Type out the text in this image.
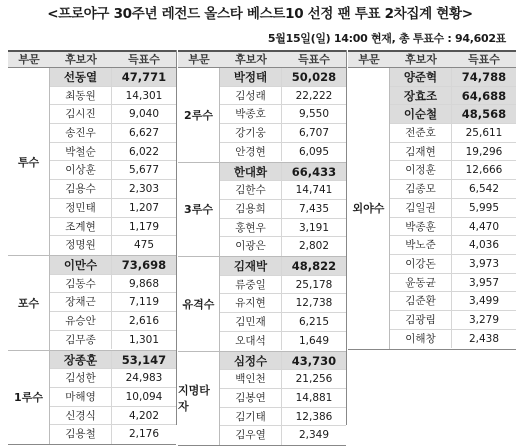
<프로야구 30주년 레전드 올스타 베스트10 선정 팬 투표 2차집계 현황>
5월15일(일) 14:00 현재, 총 투표수 : 94,602표
부문	후보자	득표수
투수
선동열	47,771
최동원	14,301
김시진	9,040
송진우	6,627
박철순	6,022
이상훈	5,677
김용수	2,303
정민태	1,207
조계현	1,179
정명원	475
포수
이만수	73,698
김동수	9,868
장채근	7,119
유승안	2,616
김무종	1,301
1루수
장종훈	53,147
김성한	24,983
마해영	10,094
신경식	4,202
김용철	2,176
부문	후보자	득표수
2루수
박정태	50,028
김성래	22,222
박종호	9,550
강기웅	6,707
안경현	6,095
3루수
한대화	66,433
김한수	14,741
김용희	7,435
홍현우	3,191
이광은	2,802
유격수
김재박	48,822
류중일	25,178
유지현	12,738
김민재	6,215
오대석	1,649
지명타자
심정수	43,730
백인천	21,256
김봉연	14,881
김기태	12,386
김우열	2,349
부문	후보자	득표수
외야수
양준혁	74,788
장효조	64,688
이순철	48,568
전준호	25,611
김재현	19,296
이정훈	12,666
김종모	6,542
김일권	5,995
박종훈	4,470
박노준	4,036
이강돈	3,973
윤동균	3,957
김준환	3,499
김광림	3,279
이해창	2,438
